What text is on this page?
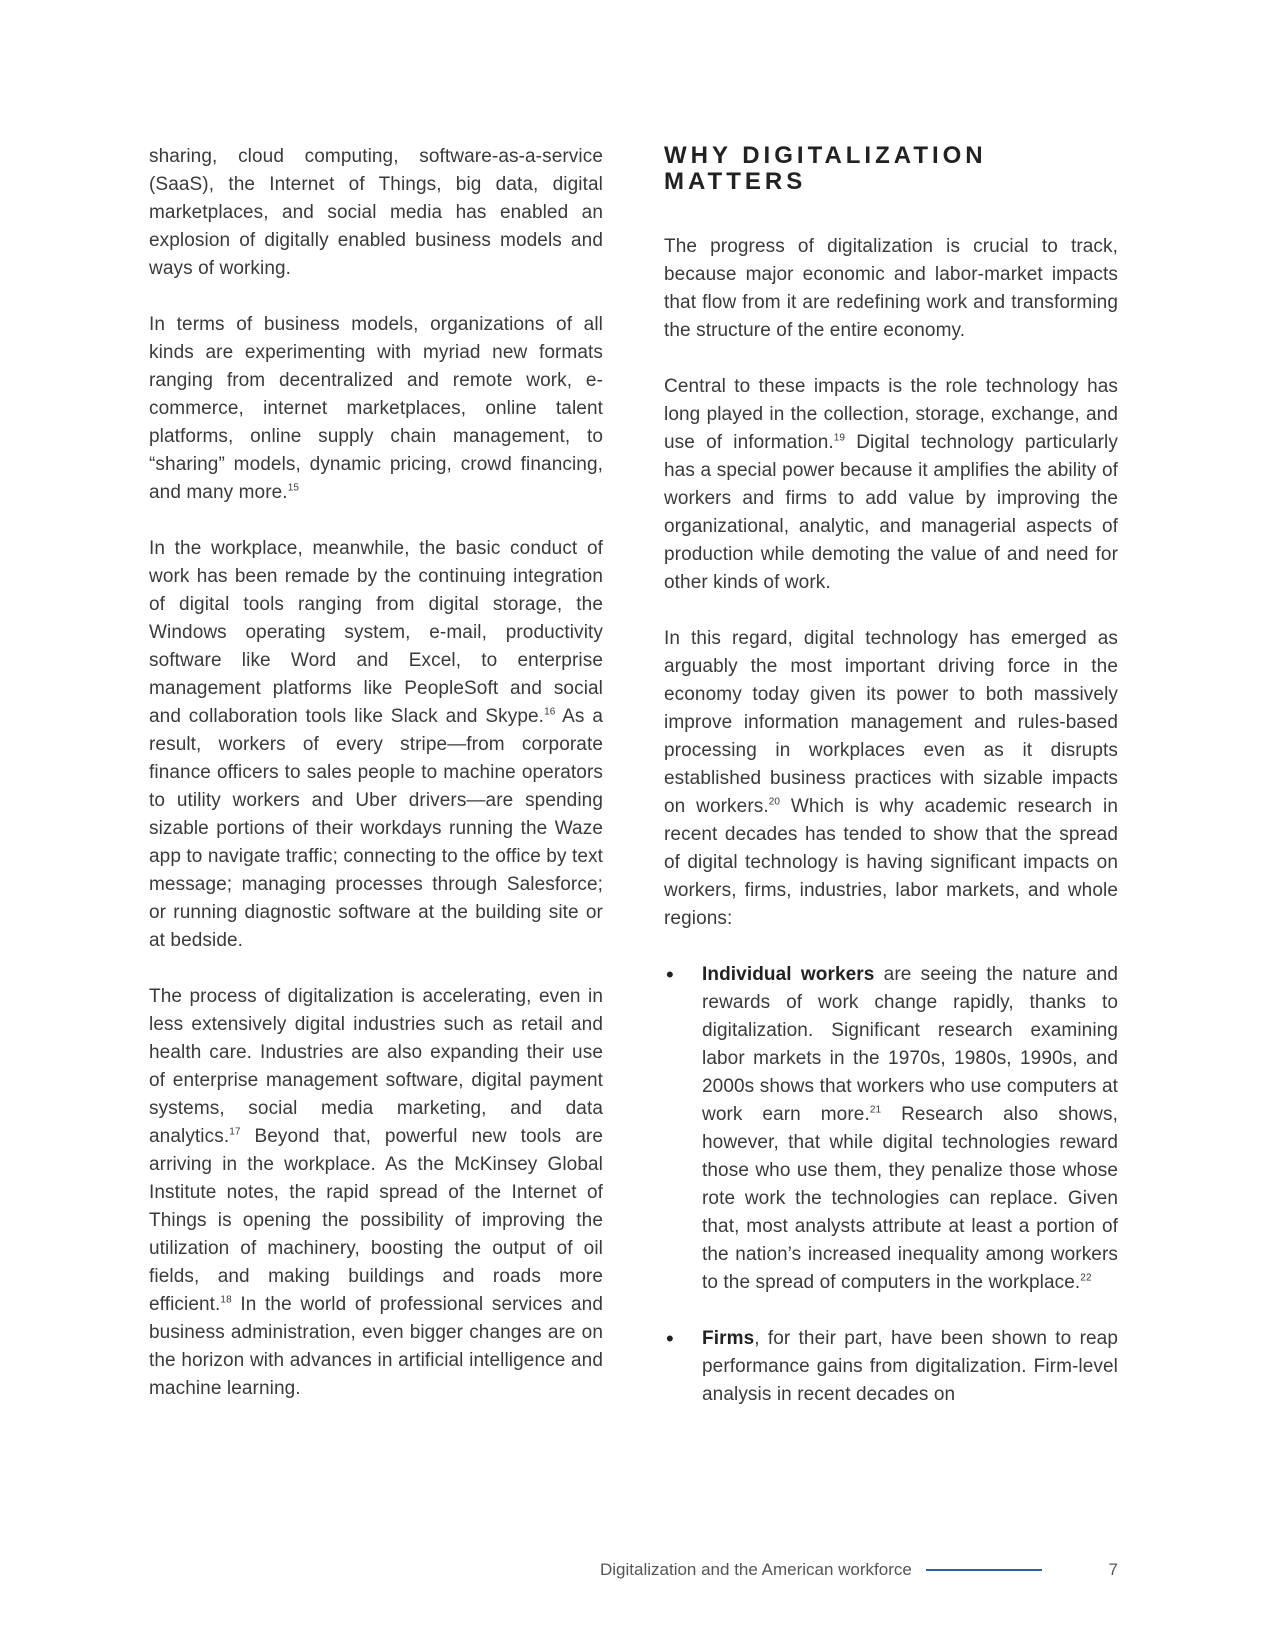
sharing, cloud computing, software-as-a-service (SaaS), the Internet of Things, big data, digital marketplaces, and social media has enabled an explosion of digitally enabled business models and ways of working.

In terms of business models, organizations of all kinds are experimenting with myriad new formats ranging from decentralized and remote work, e-commerce, internet marketplaces, online talent platforms, online supply chain management, to “sharing” models, dynamic pricing, crowd financing, and many more.$^{15}$

In the workplace, meanwhile, the basic conduct of work has been remade by the continuing integration of digital tools ranging from digital storage, the Windows operating system, e-mail, productivity software like Word and Excel, to enterprise management platforms like PeopleSoft and social and collaboration tools like Slack and Skype.$^{16}$ As a result, workers of every stripe—from corporate finance officers to sales people to machine operators to utility workers and Uber drivers—are spending sizable portions of their workdays running the Waze app to navigate traffic; connecting to the office by text message; managing processes through Salesforce; or running diagnostic software at the building site or at bedside.

The process of digitalization is accelerating, even in less extensively digital industries such as retail and health care. Industries are also expanding their use of enterprise management software, digital payment systems, social media marketing, and data analytics.$^{17}$ Beyond that, powerful new tools are arriving in the workplace. As the McKinsey Global Institute notes, the rapid spread of the Internet of Things is opening the possibility of improving the utilization of machinery, boosting the output of oil fields, and making buildings and roads more efficient.$^{18}$ In the world of professional services and business administration, even bigger changes are on the horizon with advances in artificial intelligence and machine learning.

WHY DIGITALIZATION
MATTERS

The progress of digitalization is crucial to track, because major economic and labor-market impacts that flow from it are redefining work and transforming the structure of the entire economy.

Central to these impacts is the role technology has long played in the collection, storage, exchange, and use of information.$^{19}$ Digital technology particularly has a special power because it amplifies the ability of workers and firms to add value by improving the organizational, analytic, and managerial aspects of production while demoting the value of and need for other kinds of work.

In this regard, digital technology has emerged as arguably the most important driving force in the economy today given its power to both massively improve information management and rules-based processing in workplaces even as it disrupts established business practices with sizable impacts on workers.$^{20}$ Which is why academic research in recent decades has tended to show that the spread of digital technology is having significant impacts on workers, firms, industries, labor markets, and whole regions:

• Individual workers are seeing the nature and rewards of work change rapidly, thanks to digitalization. Significant research examining labor markets in the 1970s, 1980s, 1990s, and 2000s shows that workers who use computers at work earn more.$^{21}$ Research also shows, however, that while digital technologies reward those who use them, they penalize those whose rote work the technologies can replace. Given that, most analysts attribute at least a portion of the nation’s increased inequality among workers to the spread of computers in the workplace.$^{22}$
• Firms, for their part, have been shown to reap performance gains from digitalization. Firm-level analysis in recent decades on
Digitalization and the American workforce	7
